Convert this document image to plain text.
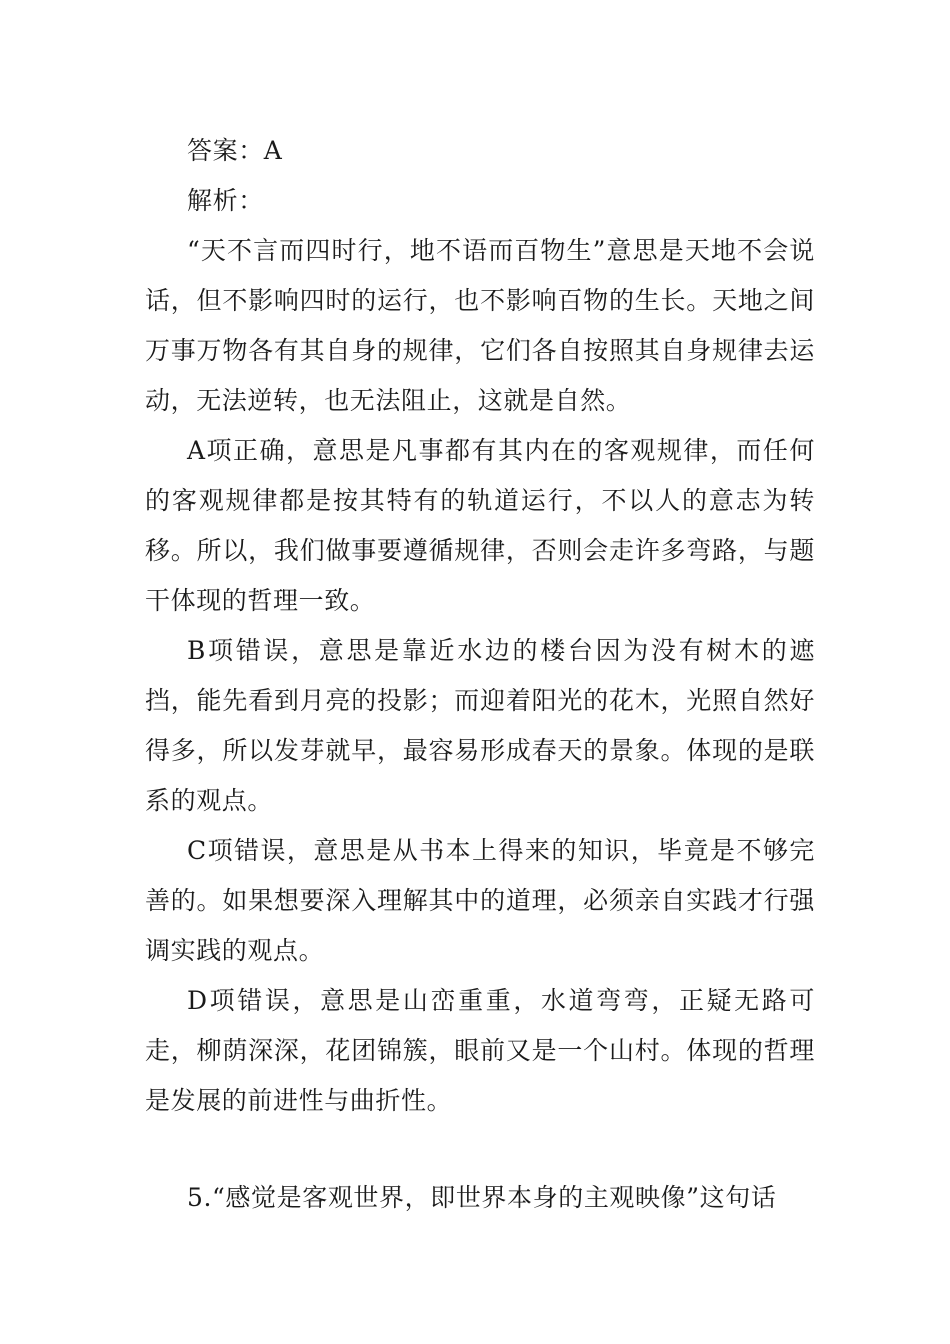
答案：A
解析：

“天不言而四时行，地不语而百物生”意思是天地不会说话，但不影响四时的运行，也不影响百物的生长。天地之间万事万物各有其自身的规律，它们各自按照其自身规律去运动，无法逆转，也无法阻止，这就是自然。

A项正确，意思是凡事都有其内在的客观规律，而任何的客观规律都是按其特有的轨道运行，不以人的意志为转移。所以，我们做事要遵循规律，否则会走许多弯路，与题干体现的哲理一致。

B项错误，意思是靠近水边的楼台因为没有树木的遮挡，能先看到月亮的投影；而迎着阳光的花木，光照自然好得多，所以发芽就早，最容易形成春天的景象。体现的是联系的观点。

C项错误，意思是从书本上得来的知识，毕竟是不够完善的。如果想要深入理解其中的道理，必须亲自实践才行强调实践的观点。

D项错误，意思是山峦重重，水道弯弯，正疑无路可走，柳荫深深，花团锦簇，眼前又是一个山村。体现的哲理是发展的前进性与曲折性。

5.“感觉是客观世界，即世界本身的主观映像”这句话
